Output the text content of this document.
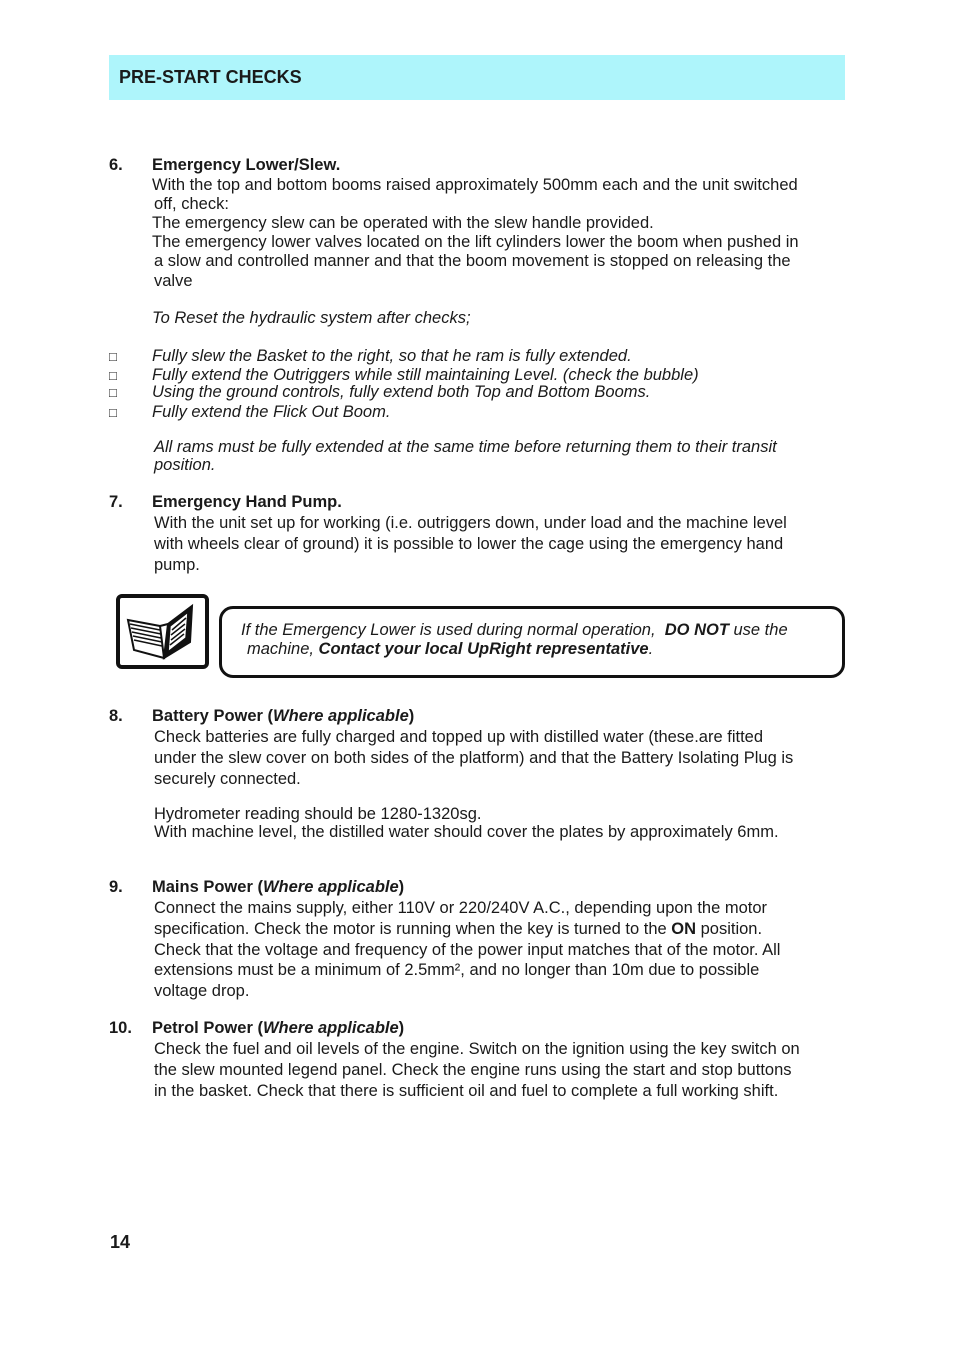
PRE-START CHECKS
6. Emergency Lower/Slew.
With the top and bottom booms raised approximately 500mm each and the unit switched
off, check:
The emergency slew can be operated with the slew handle provided.
The emergency lower valves located on the lift cylinders lower the boom when pushed in
a slow and controlled manner and that the boom movement is stopped on releasing the
valve
To Reset the hydraulic system after checks;
□ Fully slew the Basket to the right, so that he ram is fully extended.
□ Fully extend the Outriggers while still maintaining Level. (check the bubble)
□ Using the ground controls, fully extend both Top and Bottom Booms.
□ Fully extend the Flick Out Boom.
All rams must be fully extended at the same time before returning them to their transit
position.
7. Emergency Hand Pump.
With the unit set up for working (i.e. outriggers down, under load and the machine level
with wheels clear of ground) it is possible to lower the cage using the emergency hand
pump.
If the Emergency Lower is used during normal operation, DO NOT use the
machine, Contact your local UpRight representative.
8. Battery Power (Where applicable)
Check batteries are fully charged and topped up with distilled water (these.are fitted
under the slew cover on both sides of the platform) and that the Battery Isolating Plug is
securely connected.
Hydrometer reading should be 1280-1320sg.
With machine level, the distilled water should cover the plates by approximately 6mm.
9. Mains Power (Where applicable)
Connect the mains supply, either 110V or 220/240V A.C., depending upon the motor
specification. Check the motor is running when the key is turned to the ON position.
Check that the voltage and frequency of the power input matches that of the motor. All
extensions must be a minimum of 2.5mm², and no longer than 10m due to possible
voltage drop.
10. Petrol Power (Where applicable)
Check the fuel and oil levels of the engine. Switch on the ignition using the key switch on
the slew mounted legend panel. Check the engine runs using the start and stop buttons
in the basket. Check that there is sufficient oil and fuel to complete a full working shift.
14
